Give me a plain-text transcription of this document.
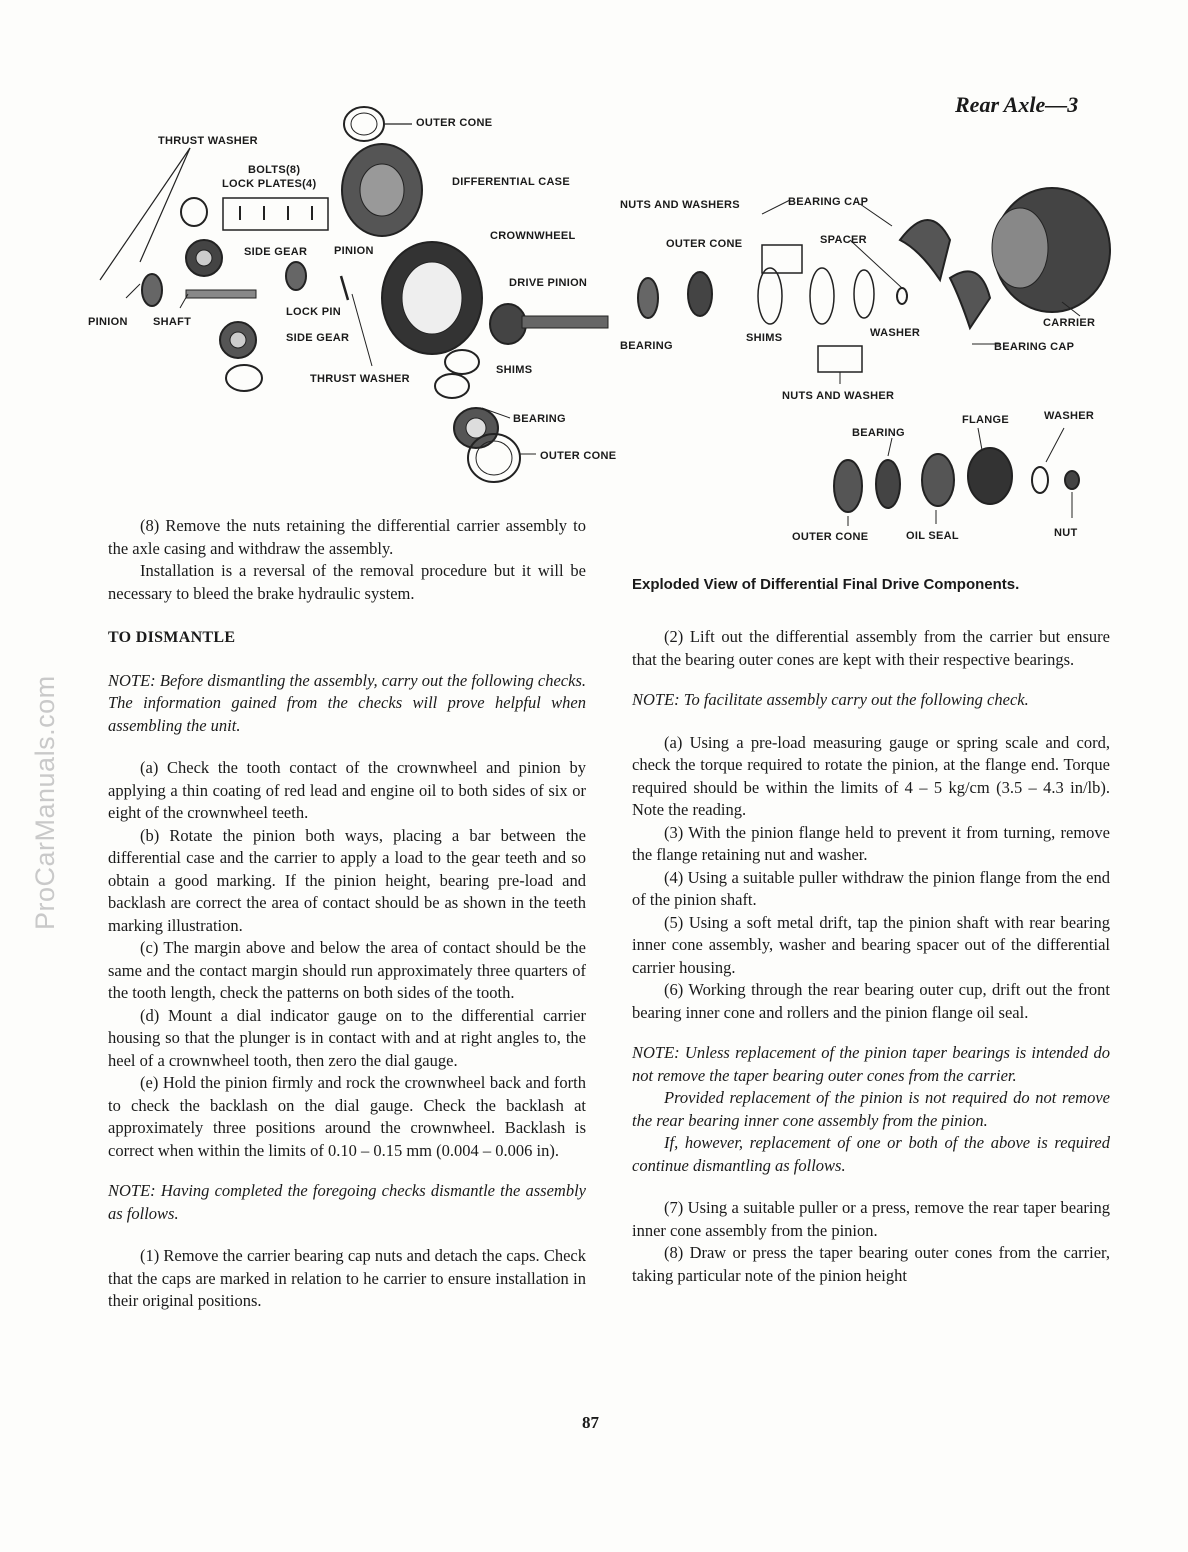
ProCarManuals.com
Rear Axle—3
OUTER CONE
THRUST WASHER
BOLTS(8)
LOCK PLATES(4)	DIFFERENTIAL CASE
CROWNWHEEL
SIDE GEAR PINION
DRIVE PINION
LOCK PIN
PINION SHAFT
SIDE GEAR
THRUST WASHER
SHIMS
BEARING
OUTER CONE
NUTS AND WASHERS	BEARING CAP
OUTER CONE	SPACER
CARRIER
BEARING
SHIMS	WASHER
BEARING CAP
NUTS AND WASHER
FLANGE	WASHER
BEARING
OUTER CONE	OIL SEAL	NUT
Exploded View of Differential Final Drive Components.

(8) Remove the nuts retaining the differential carrier assembly to the axle casing and withdraw the assembly.

Installation is a reversal of the removal procedure but it will be necessary to bleed the brake hydraulic system.

TO DISMANTLE

NOTE: Before dismantling the assembly, carry out the following checks. The information gained from the checks will prove helpful when assembling the unit.

(a) Check the tooth contact of the crownwheel and pinion by applying a thin coating of red lead and engine oil to both sides of six or eight of the crownwheel teeth.

(b) Rotate the pinion both ways, placing a bar between the differential case and the carrier to apply a load to the gear teeth and so obtain a good marking. If the pinion height, bearing pre-load and backlash are correct the area of contact should be as shown in the teeth marking illustration.

(c) The margin above and below the area of contact should be the same and the contact margin should run approximately three quarters of the tooth length, check the patterns on both sides of the tooth.

(d) Mount a dial indicator gauge on to the differential carrier housing so that the plunger is in contact with and at right angles to, the heel of a crownwheel tooth, then zero the dial gauge.

(e) Hold the pinion firmly and rock the crownwheel back and forth to check the backlash on the dial gauge. Check the backlash at approximately three positions around the crownwheel. Backlash is correct when within the limits of 0.10 – 0.15 mm (0.004 – 0.006 in).

NOTE: Having completed the foregoing checks dismantle the assembly as follows.

(1) Remove the carrier bearing cap nuts and detach the caps. Check that the caps are marked in relation to he carrier to ensure installation in their original positions.

(2) Lift out the differential assembly from the carrier but ensure that the bearing outer cones are kept with their respective bearings.

NOTE: To facilitate assembly carry out the following check.

(a) Using a pre-load measuring gauge or spring scale and cord, check the torque required to rotate the pinion, at the flange end. Torque required should be within the limits of 4 – 5 kg/cm (3.5 – 4.3 in/lb). Note the reading.

(3) With the pinion flange held to prevent it from turning, remove the flange retaining nut and washer.

(4) Using a suitable puller withdraw the pinion flange from the end of the pinion shaft.

(5) Using a soft metal drift, tap the pinion shaft with rear bearing inner cone assembly, washer and bearing spacer out of the differential carrier housing.

(6) Working through the rear bearing outer cup, drift out the front bearing inner cone and rollers and the pinion flange oil seal.

NOTE: Unless replacement of the pinion taper bearings is intended do not remove the taper bearing outer cones from the carrier.

Provided replacement of the pinion is not required do not remove the rear bearing inner cone assembly from the pinion.

If, however, replacement of one or both of the above is required continue dismantling as follows.

(7) Using a suitable puller or a press, remove the rear taper bearing inner cone assembly from the pinion.

(8) Draw or press the taper bearing outer cones from the carrier, taking particular note of the pinion height

87
